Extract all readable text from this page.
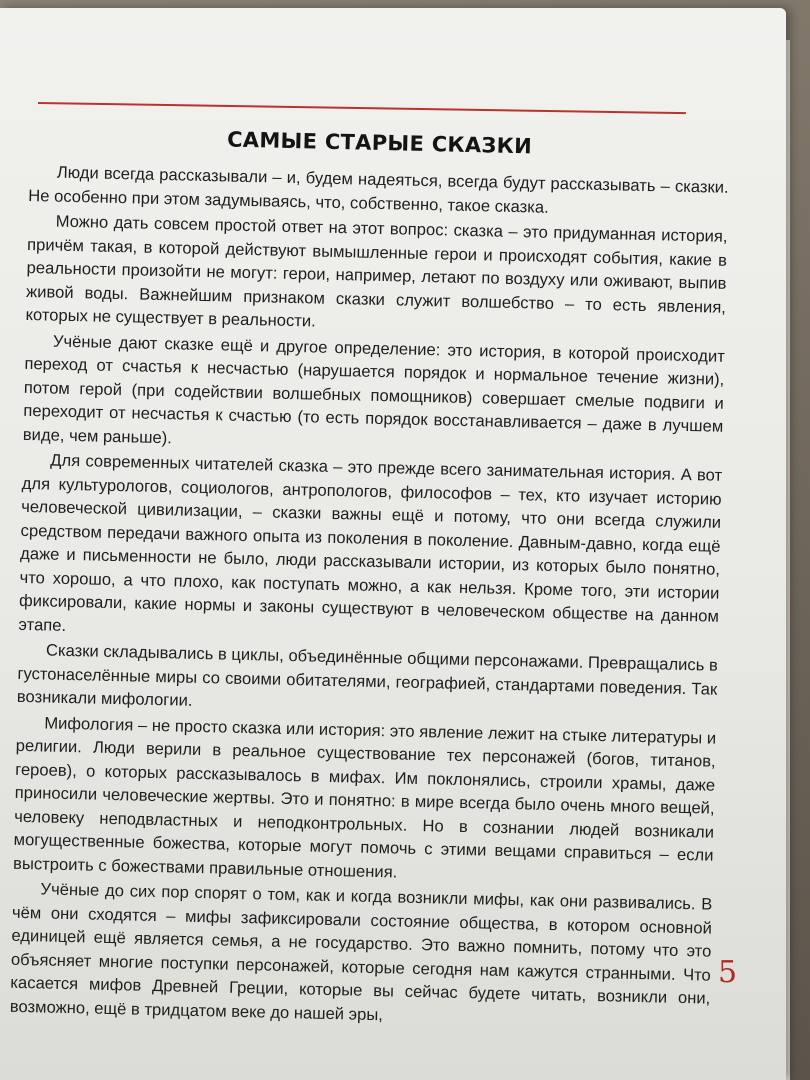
САМЫЕ СТАРЫЕ СКАЗКИ

Люди всегда рассказывали – и, будем надеяться, всегда будут рассказывать – сказки. Не особенно при этом задумываясь, что, собственно, такое сказка.

Можно дать совсем простой ответ на этот вопрос: сказка – это придуманная история, причём такая, в которой действуют вымышленные герои и происходят события, какие в реальности произойти не могут: герои, например, летают по воздуху или оживают, выпив живой воды. Важнейшим признаком сказки служит волшебство – то есть явления, которых не существует в реальности.

Учёные дают сказке ещё и другое определение: это история, в которой происходит переход от счастья к несчастью (нарушается порядок и нормальное течение жизни), потом герой (при содействии волшебных помощников) совершает смелые подвиги и переходит от несчастья к счастью (то есть порядок восстанавливается – даже в лучшем виде, чем раньше).

Для современных читателей сказка – это прежде всего занимательная история. А вот для культурологов, социологов, антропологов, философов – тех, кто изучает историю человеческой цивилизации, – сказки важны ещё и потому, что они всегда служили средством передачи важного опыта из поколения в поколение. Давным-давно, когда ещё даже и письменности не было, люди рассказывали истории, из которых было понятно, что хорошо, а что плохо, как поступать можно, а как нельзя. Кроме того, эти истории фиксировали, какие нормы и законы существуют в человеческом обществе на данном этапе.

Сказки складывались в циклы, объединённые общими персонажами. Превращались в густонаселённые миры со своими обитателями, географией, стандартами поведения. Так возникали мифологии.

Мифология – не просто сказка или история: это явление лежит на стыке литературы и религии. Люди верили в реальное существование тех персонажей (богов, титанов, героев), о которых рассказывалось в мифах. Им поклонялись, строили храмы, даже приносили человеческие жертвы. Это и понятно: в мире всегда было очень много вещей, человеку неподвластных и неподконтрольных. Но в сознании людей возникали могущественные божества, которые могут помочь с этими вещами справиться – если выстроить с божествами правильные отношения.

Учёные до сих пор спорят о том, как и когда возникли мифы, как они развивались. В чём они сходятся – мифы зафиксировали состояние общества, в котором основной единицей ещё является семья, а не государство. Это важно помнить, потому что это объясняет многие поступки персонажей, которые сегодня нам кажутся странными. Что касается мифов Древней Греции, которые вы сейчас будете читать, возникли они, возможно, ещё в тридцатом веке до нашей эры,

5
